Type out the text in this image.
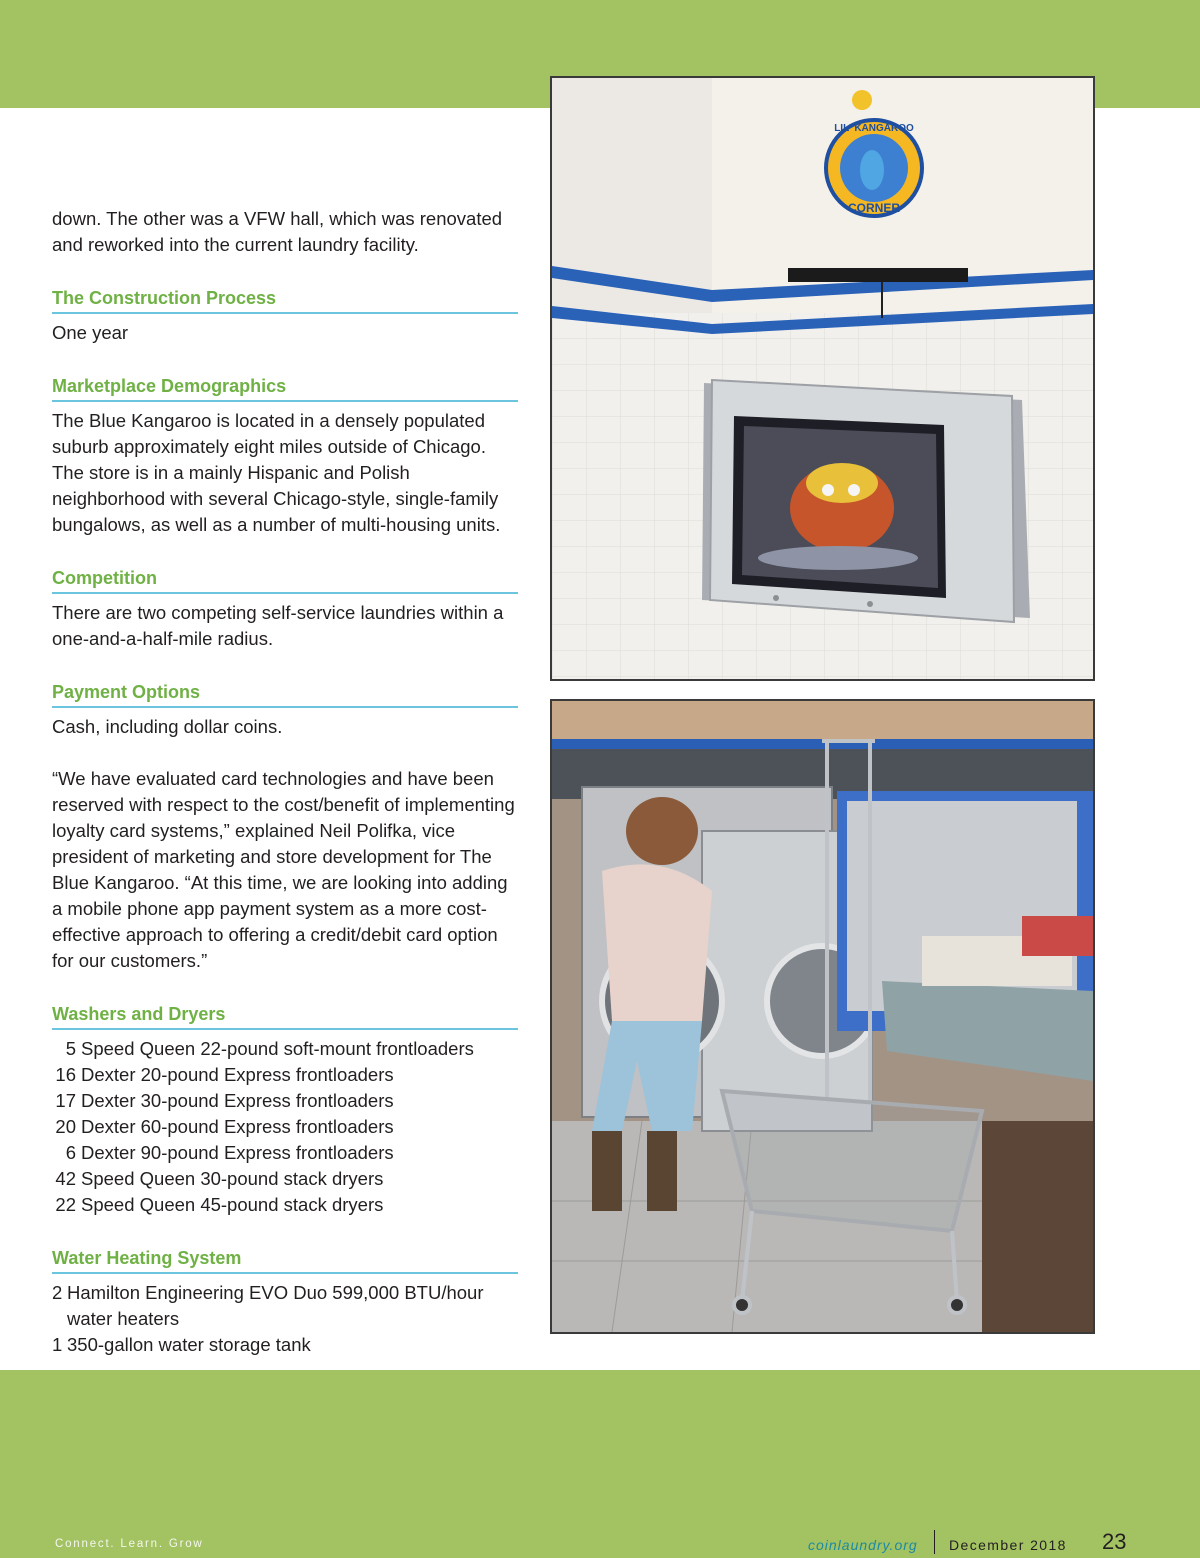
down. The other was a VFW hall, which was renovated and reworked into the current laundry facility.

The Construction Process

One year

Marketplace Demographics

The Blue Kangaroo is located in a densely populated suburb approximately eight miles outside of Chicago. The store is in a mainly Hispanic and Polish neighborhood with several Chicago-style, single-family bungalows, as well as a number of multi-housing units.

Competition

There are two competing self-service laundries within a one-and-a-half-mile radius.

Payment Options

Cash, including dollar coins.

“We have evaluated card technologies and have been reserved with respect to the cost/benefit of implementing loyalty card systems,” explained Neil Polifka, vice president of marketing and store development for The Blue Kangaroo. “At this time, we are looking into adding a mobile phone app payment system as a more cost-effective approach to offering a credit/debit card option for our customers.”

Washers and Dryers
5 Speed Queen 22-pound soft-mount frontloaders
16 Dexter 20-pound Express frontloaders
17 Dexter 30-pound Express frontloaders
20 Dexter 60-pound Express frontloaders
6 Dexter 90-pound Express frontloaders
42 Speed Queen 30-pound stack dryers
22 Speed Queen 45-pound stack dryers
Water Heating System
2 Hamilton Engineering EVO Duo 599,000 BTU/hour water heaters
1 350-gallon water storage tank
LIL' KANGAROO
CORNER
Connect. Learn. Grow	coinlaundry.org December 2018 23
